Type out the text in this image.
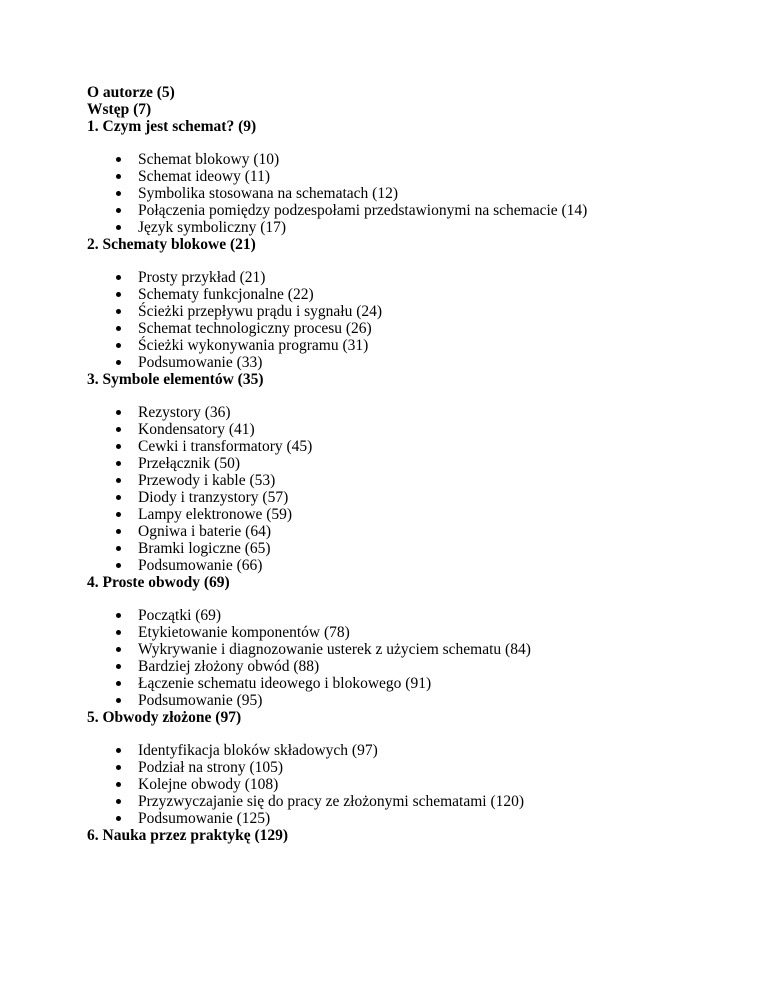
O autorze (5)

Wstęp (7)

1. Czym jest schemat? (9)

Schemat blokowy (10)
Schemat ideowy (11)
Symbolika stosowana na schematach (12)
Połączenia pomiędzy podzespołami przedstawionymi na schemacie (14)
Język symboliczny (17)

2. Schematy blokowe (21)

Prosty przykład (21)
Schematy funkcjonalne (22)
Ścieżki przepływu prądu i sygnału (24)
Schemat technologiczny procesu (26)
Ścieżki wykonywania programu (31)
Podsumowanie (33)

3. Symbole elementów (35)

Rezystory (36)
Kondensatory (41)
Cewki i transformatory (45)
Przełącznik (50)
Przewody i kable (53)
Diody i tranzystory (57)
Lampy elektronowe (59)
Ogniwa i baterie (64)
Bramki logiczne (65)
Podsumowanie (66)

4. Proste obwody (69)

Początki (69)
Etykietowanie komponentów (78)
Wykrywanie i diagnozowanie usterek z użyciem schematu (84)
Bardziej złożony obwód (88)
Łączenie schematu ideowego i blokowego (91)
Podsumowanie (95)

5. Obwody złożone (97)

Identyfikacja bloków składowych (97)
Podział na strony (105)
Kolejne obwody (108)
Przyzwyczajanie się do pracy ze złożonymi schematami (120)
Podsumowanie (125)

6. Nauka przez praktykę (129)
